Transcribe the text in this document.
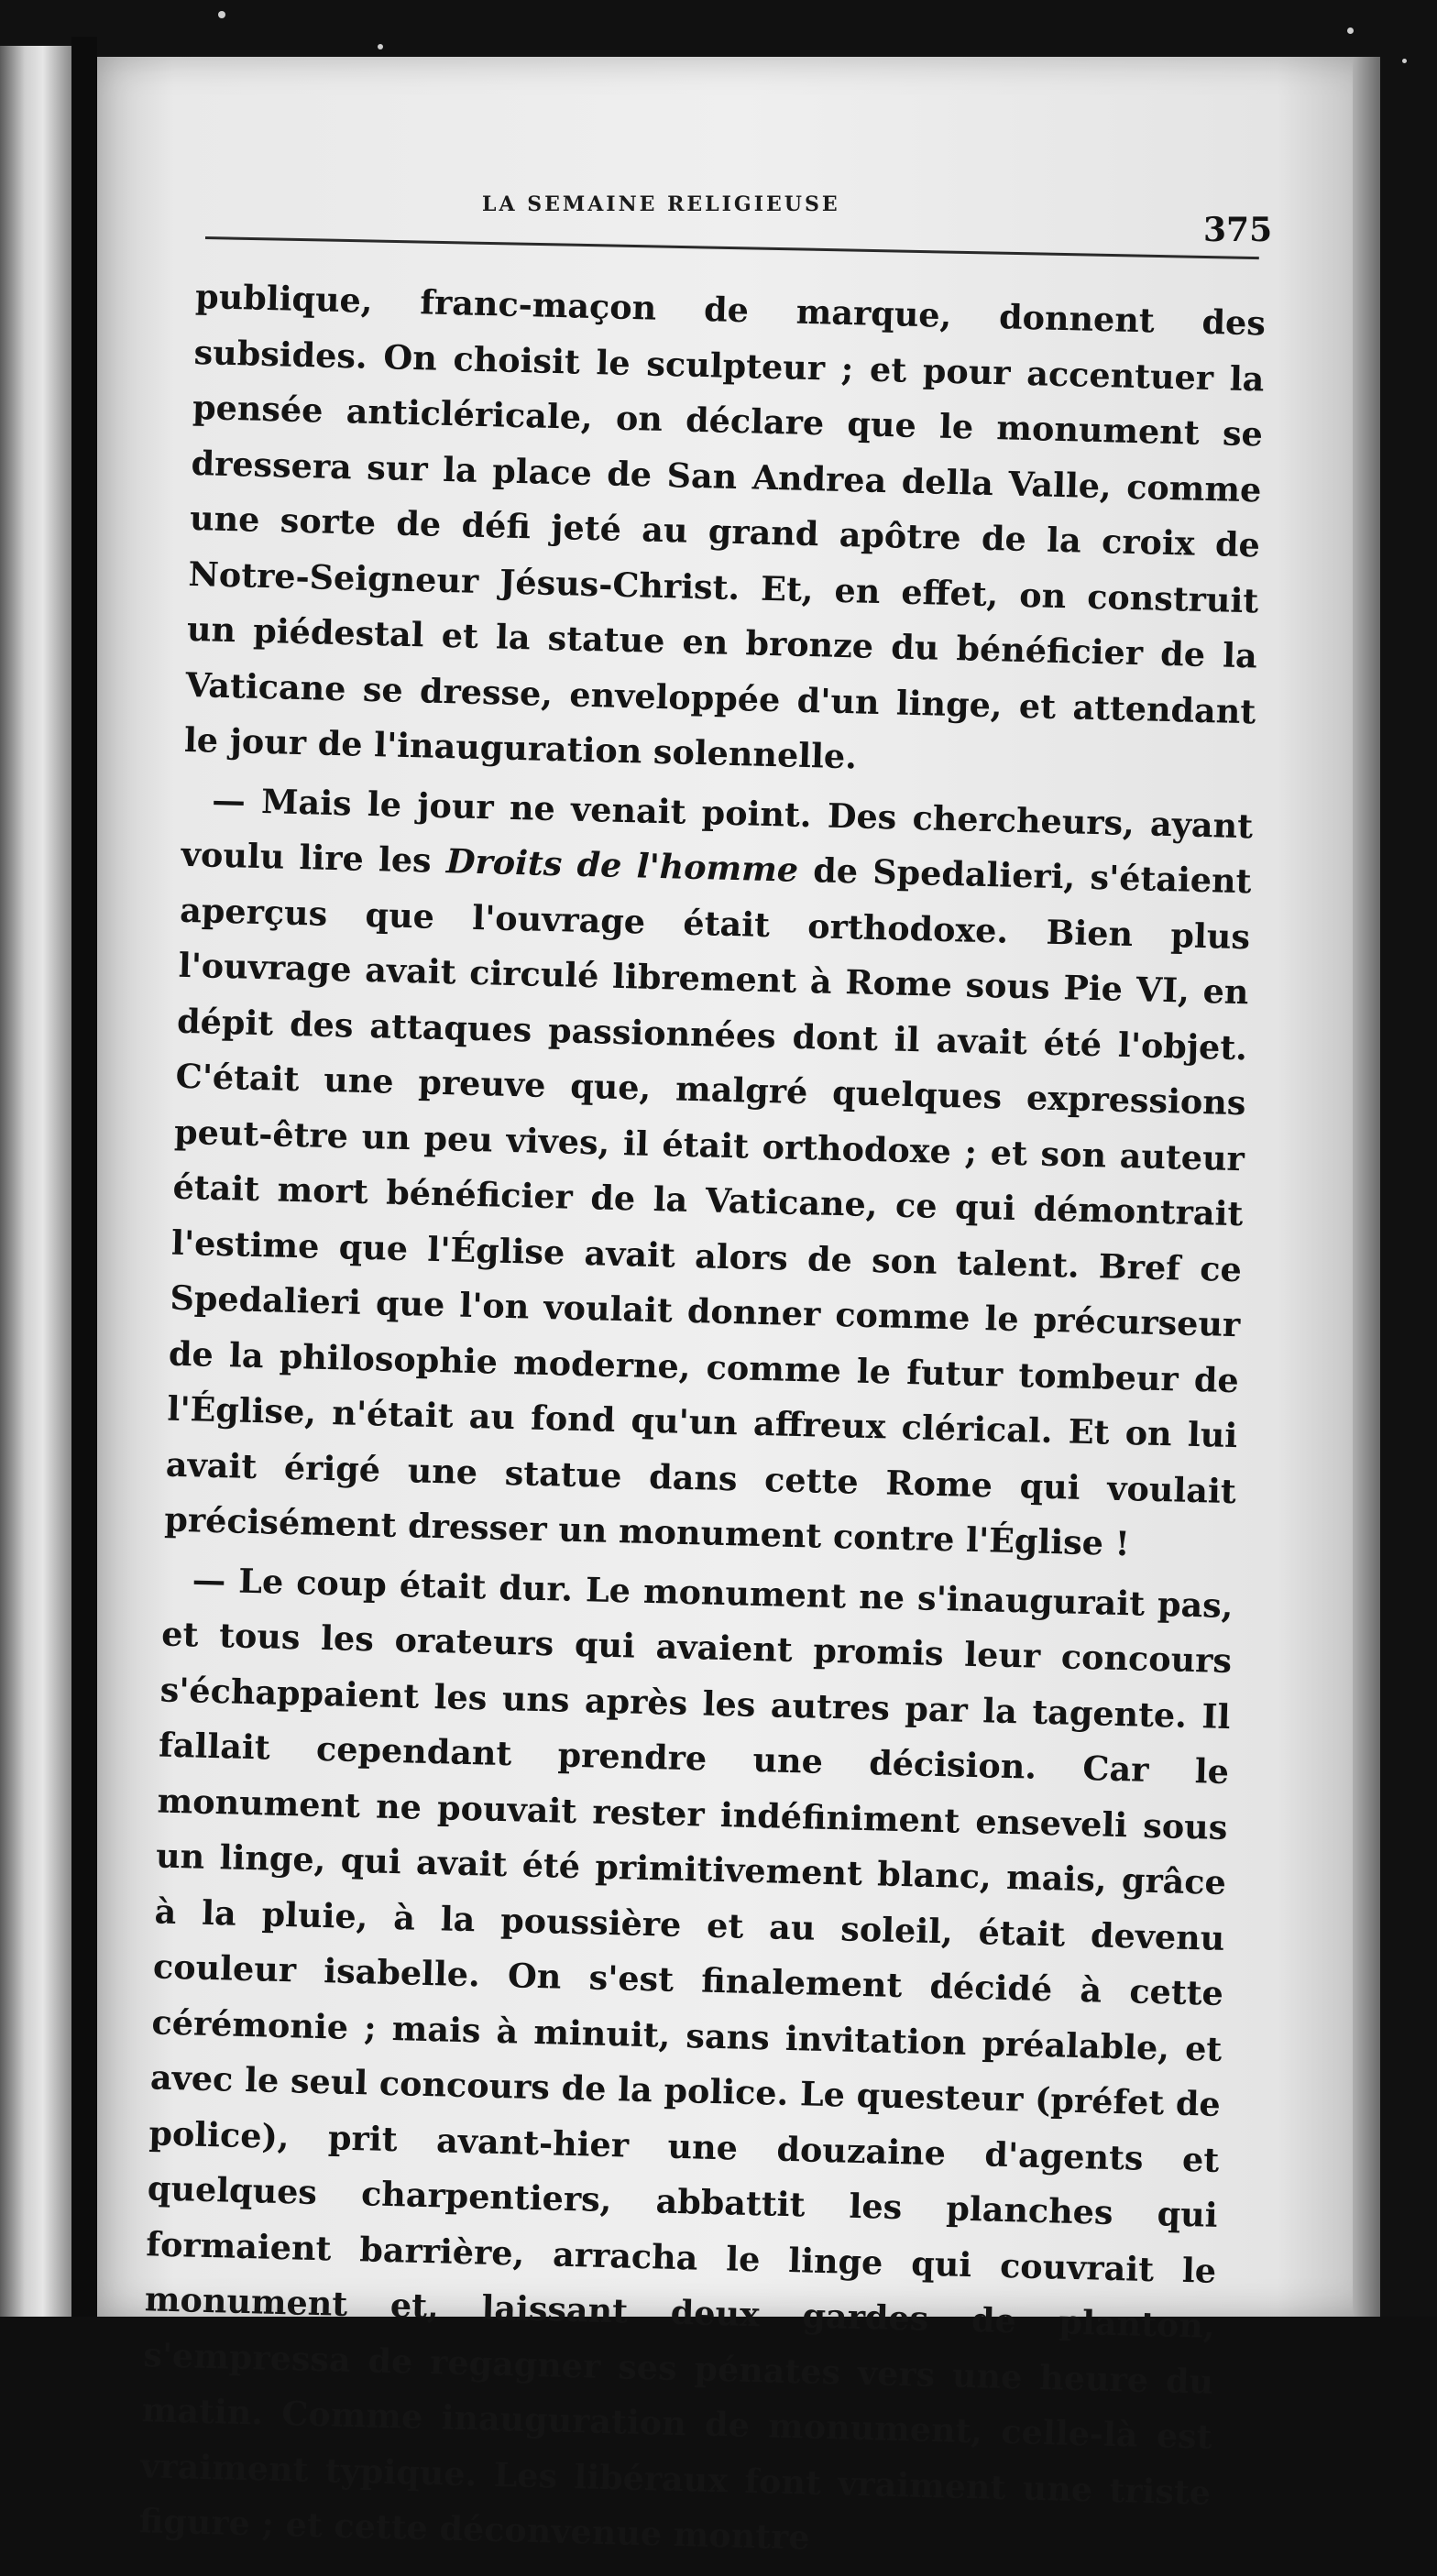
LA SEMAINE RELIGIEUSE
375

publique, franc-maçon de marque, donnent des subsides. On choisit le sculpteur ; et pour accentuer la pensée anticléricale, on déclare que le monument se dressera sur la place de San Andrea della Valle, comme une sorte de défi jeté au grand apôtre de la croix de Notre-Seigneur Jésus-Christ. Et, en effet, on construit un piédestal et la statue en bronze du bénéficier de la Vaticane se dresse, enveloppée d'un linge, et attendant le jour de l'inauguration solennelle.

— Mais le jour ne venait point. Des chercheurs, ayant voulu lire les Droits de l'homme de Spedalieri, s'étaient aperçus que l'ouvrage était orthodoxe. Bien plus l'ouvrage avait circulé librement à Rome sous Pie VI, en dépit des attaques passionnées dont il avait été l'objet. C'était une preuve que, malgré quelques expressions peut-être un peu vives, il était orthodoxe ; et son auteur était mort bénéficier de la Vaticane, ce qui démontrait l'estime que l'Église avait alors de son talent. Bref ce Spedalieri que l'on voulait donner comme le précurseur de la philosophie moderne, comme le futur tombeur de l'Église, n'était au fond qu'un affreux clérical. Et on lui avait érigé une statue dans cette Rome qui voulait précisément dresser un monument contre l'Église !

— Le coup était dur. Le monument ne s'inaugurait pas, et tous les orateurs qui avaient promis leur concours s'échappaient les uns après les autres par la tagente. Il fallait cependant prendre une décision. Car le monument ne pouvait rester indéfiniment enseveli sous un linge, qui avait été primitivement blanc, mais, grâce à la pluie, à la poussière et au soleil, était devenu couleur isabelle. On s'est finalement décidé à cette cérémonie ; mais à minuit, sans invitation préalable, et avec le seul concours de la police. Le questeur (préfet de police), prit avant-hier une douzaine d'agents et quelques charpentiers, abbattit les planches qui formaient barrière, arracha le linge qui couvrait le monument et, laissant deux gardes de planton, s'empressa de regagner ses pénates vers une heure du matin. Comme inauguration de monument, celle-là est vraiment typique. Les libéraux font vraiment une triste figure ; et cette déconvenue montre
